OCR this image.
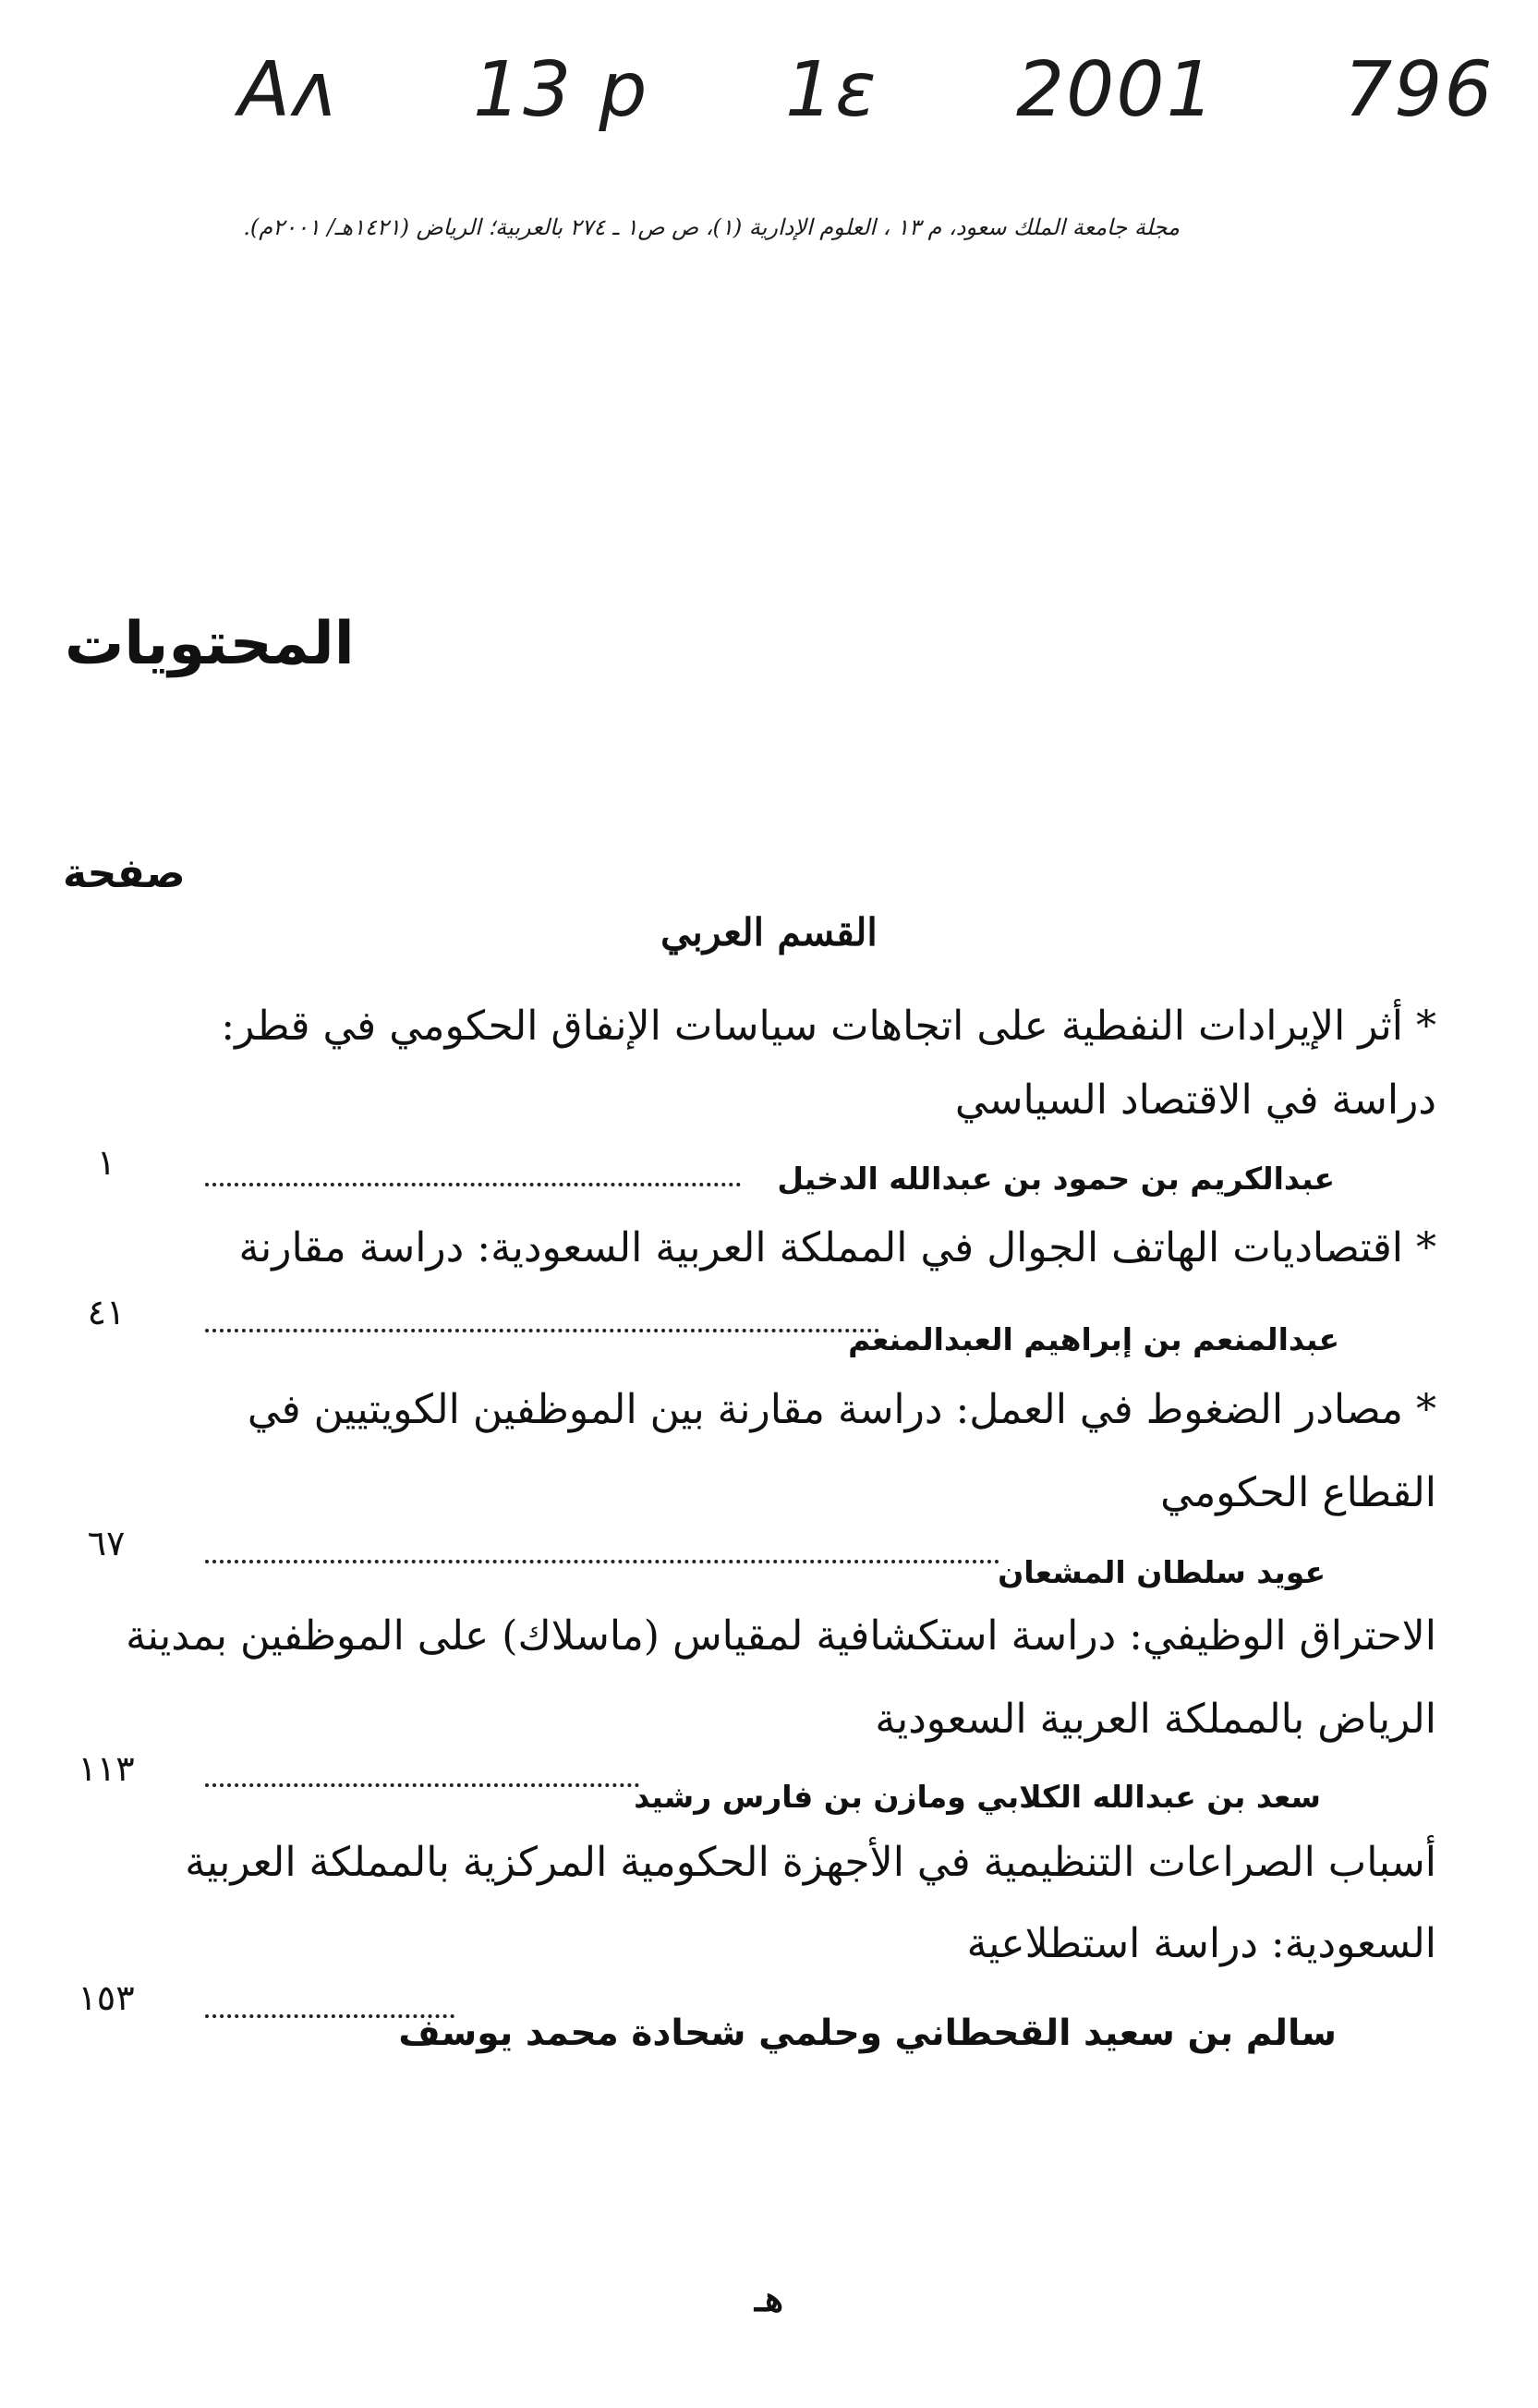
Aʌ 13 p 1ɛ 2001 796
مجلة جامعة الملك سعود، م ١٣ ، العلوم الإدارية (١)، ص ص١ ـ ٢٧٤ بالعربية؛ الرياض (١٤٢١هـ/ ٢٠٠١م).
المحتويات
صفحة
القسم العربي
* أثر الإيرادات النفطية على اتجاهات سياسات الإنفاق الحكومي في قطر:
دراسة في الاقتصاد السياسي
عبدالكريم بن حمود بن عبدالله الدخيل
١
* اقتصاديات الهاتف الجوال في المملكة العربية السعودية: دراسة مقارنة
عبدالمنعم بن إبراهيم العبدالمنعم
٤١
* مصادر الضغوط في العمل: دراسة مقارنة بين الموظفين الكويتيين في
القطاع الحكومي
عويد سلطان المشعان
٦٧
الاحتراق الوظيفي: دراسة استكشافية لمقياس (ماسلاك) على الموظفين بمدينة
الرياض بالمملكة العربية السعودية
سعد بن عبدالله الكلابي ومازن بن فارس رشيد
١١٣
أسباب الصراعات التنظيمية في الأجهزة الحكومية المركزية بالمملكة العربية
السعودية: دراسة استطلاعية
سالم بن سعيد القحطاني وحلمي شحادة محمد يوسف
١٥٣
هـ
